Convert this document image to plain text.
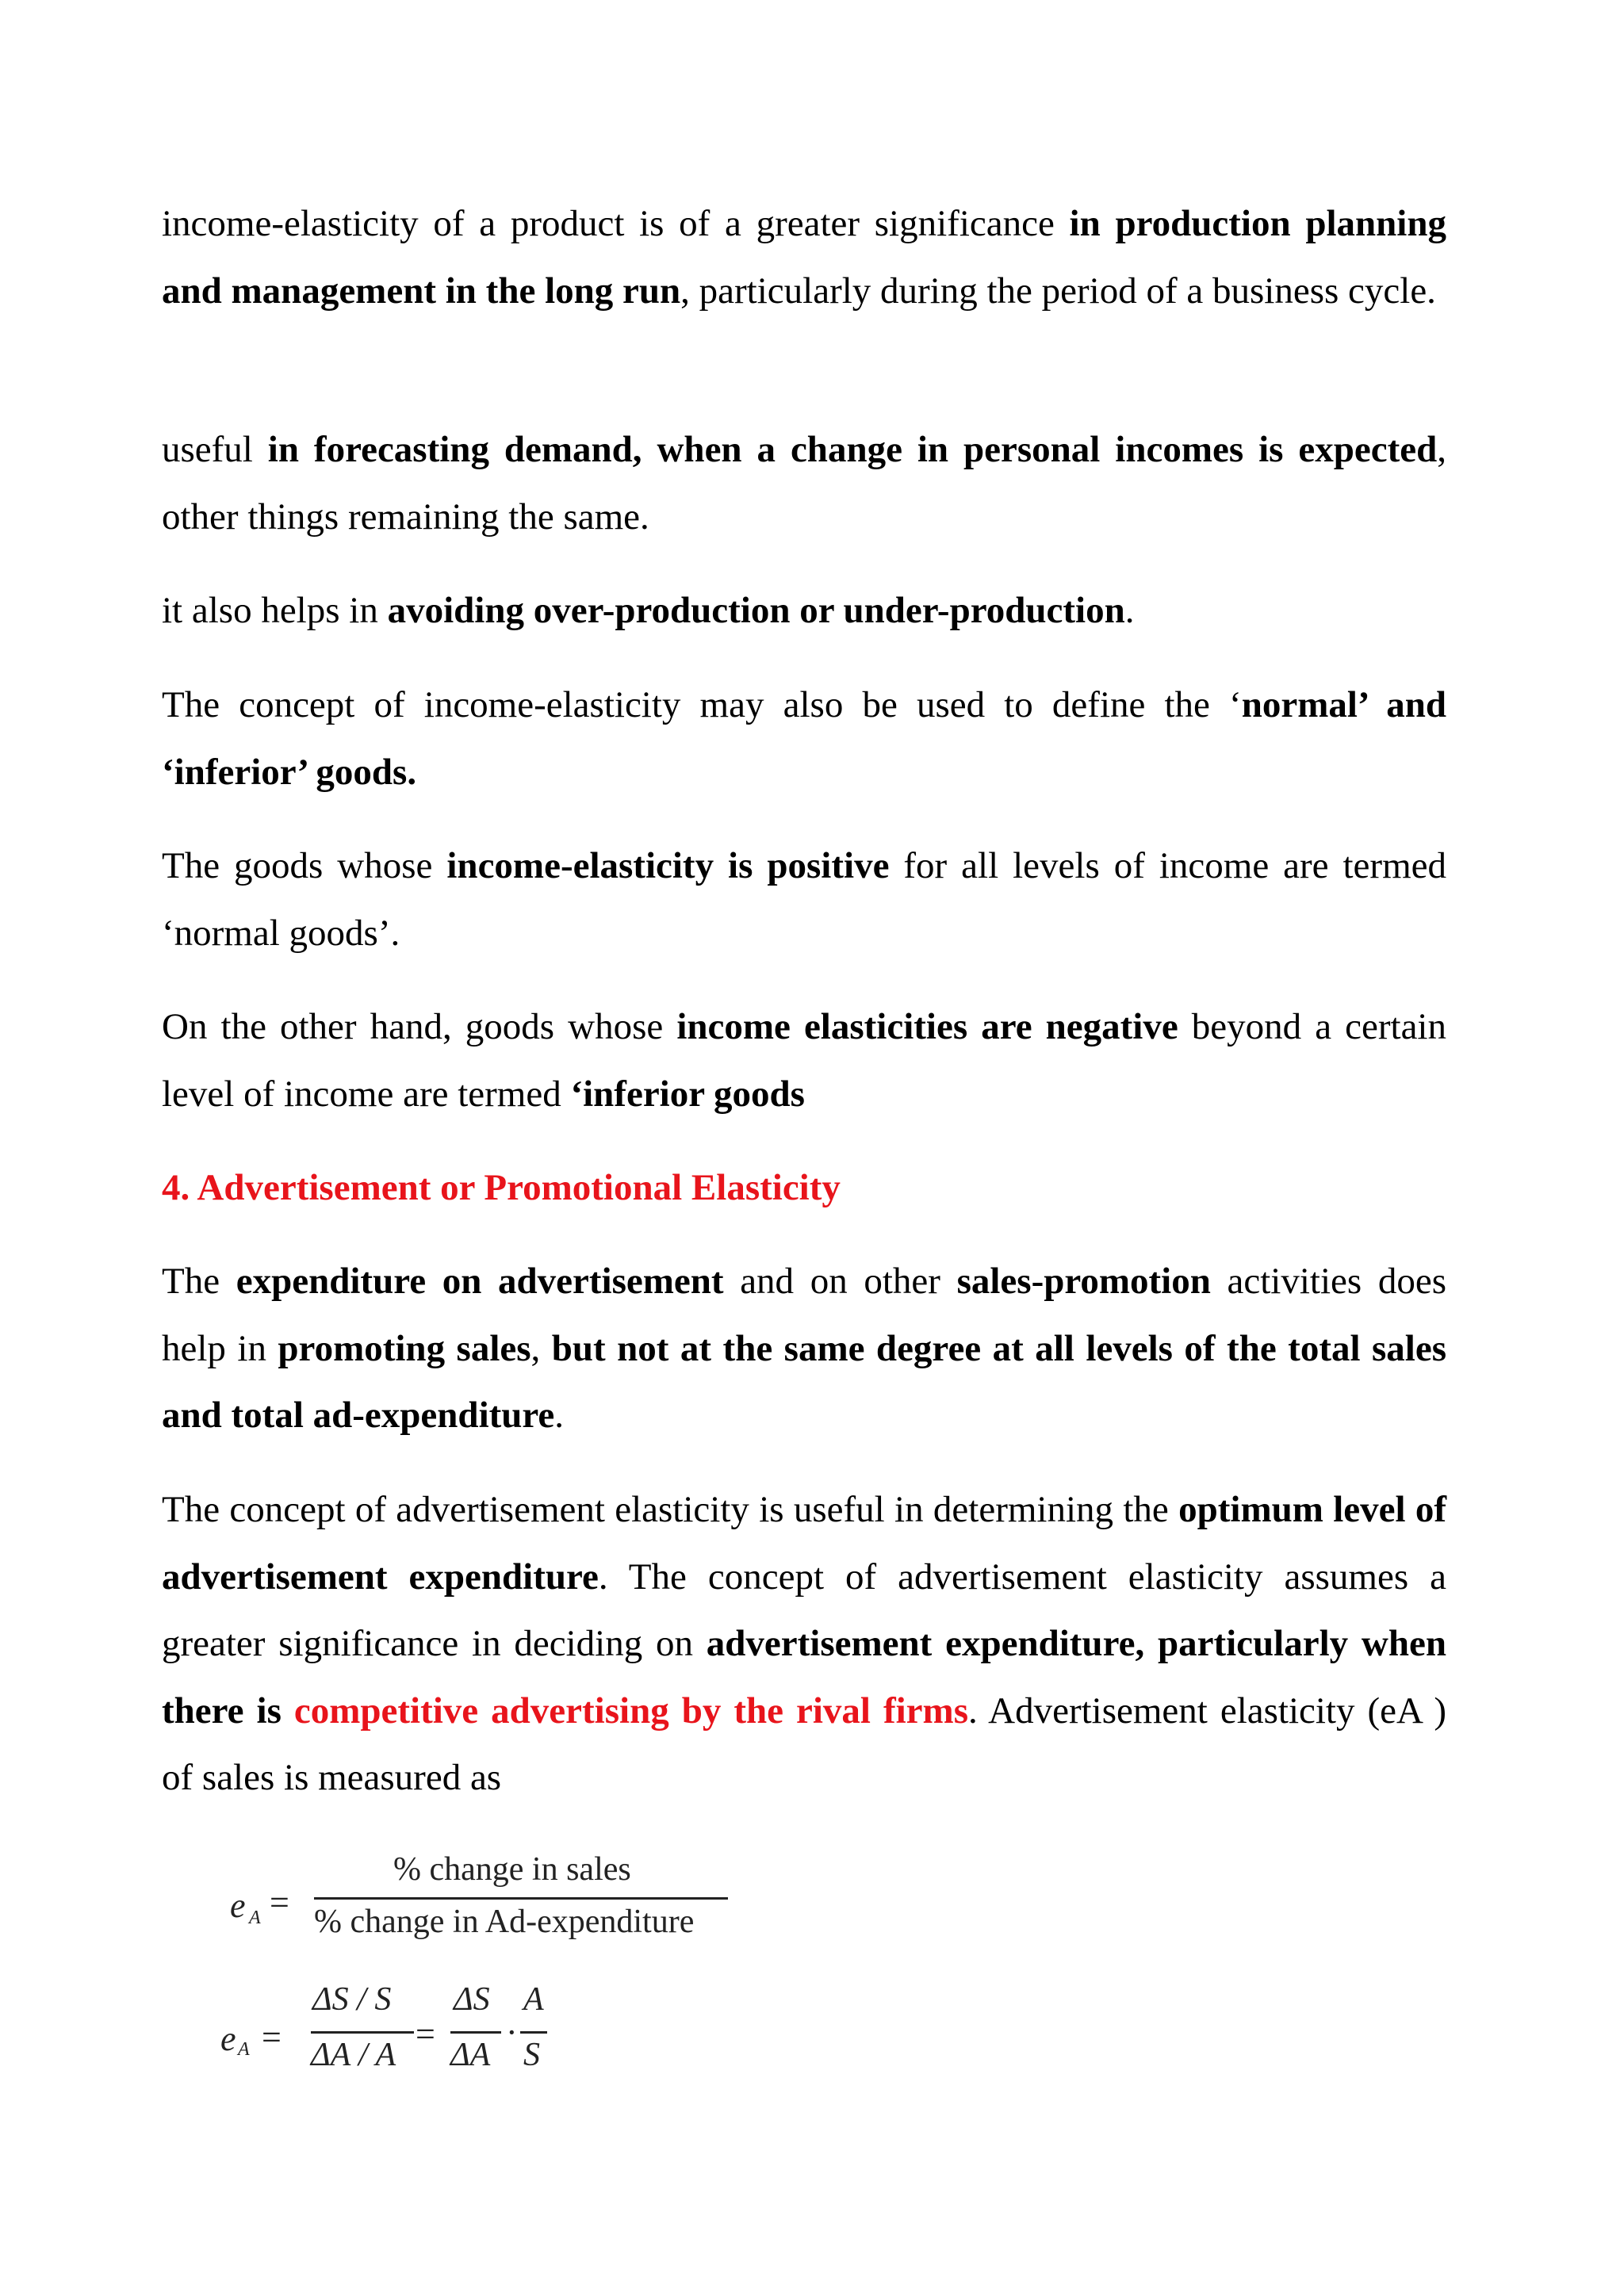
income-elasticity of a product is of a greater significance in production planning and management in the long run, particularly during the period of a business cycle.

useful in forecasting demand, when a change in personal incomes is expected, other things remaining the same.

it also helps in avoiding over-production or under-production.

The concept of income-elasticity may also be used to define the ‘normal’ and ‘inferior’ goods.

The goods whose income-elasticity is positive for all levels of income are termed ‘normal goods’.

On the other hand, goods whose income elasticities are negative beyond a certain level of income are termed ‘inferior goods

4. Advertisement or Promotional Elasticity

The expenditure on advertisement and on other sales-promotion activities does help in promoting sales, but not at the same degree at all levels of the total sales and total ad-expenditure.

The concept of advertisement elasticity is useful in determining the optimum level of advertisement expenditure. The concept of advertisement elasticity assumes a greater significance in deciding on advertisement expenditure, particularly when there is competitive advertising by the rival firms. Advertisement elasticity (eA ) of sales is measured as

e A =
% change in sales
% change in Ad-expenditure
e A =
ΔS / S
ΔA / A
=
ΔS
ΔA
·
A
S
